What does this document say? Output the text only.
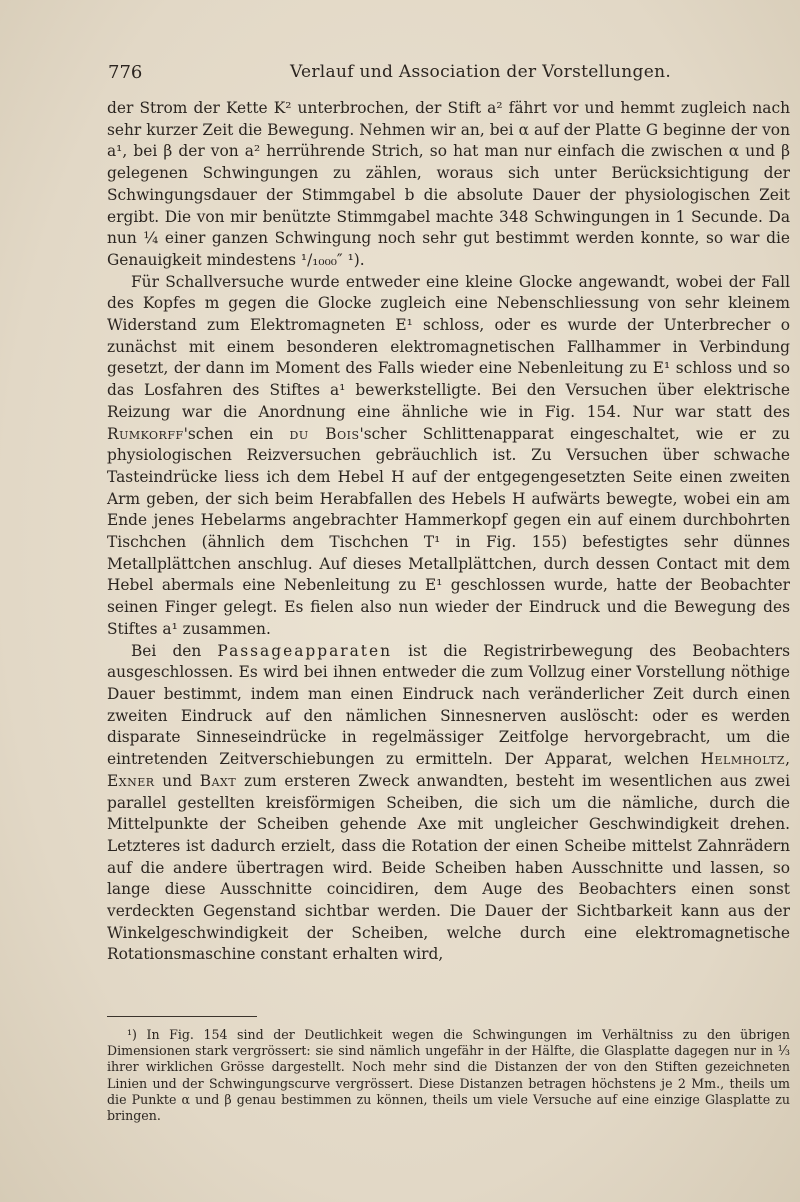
776	Verlauf und Association der Vorstellungen.

der Strom der Kette K² unterbrochen, der Stift a² fährt vor und hemmt zugleich nach sehr kurzer Zeit die Bewegung. Nehmen wir an, bei α auf der Platte G beginne der von a¹, bei β der von a² herrührende Strich, so hat man nur einfach die zwischen α und β gelegenen Schwingungen zu zählen, woraus sich unter Berücksichtigung der Schwingungsdauer der Stimmgabel b die absolute Dauer der physiologischen Zeit ergibt. Die von mir benützte Stimmgabel machte 348 Schwingungen in 1 Secunde. Da nun ¼ einer ganzen Schwingung noch sehr gut bestimmt werden konnte, so war die Genauigkeit mindestens ¹/₁₀₀₀″ ¹).

Für Schallversuche wurde entweder eine kleine Glocke angewandt, wobei der Fall des Kopfes m gegen die Glocke zugleich eine Nebenschliessung von sehr kleinem Widerstand zum Elektromagneten E¹ schloss, oder es wurde der Unterbrecher o zunächst mit einem besonderen elektromagnetischen Fallhammer in Verbindung gesetzt, der dann im Moment des Falls wieder eine Nebenleitung zu E¹ schloss und so das Losfahren des Stiftes a¹ bewerkstelligte. Bei den Versuchen über elektrische Reizung war die Anordnung eine ähnliche wie in Fig. 154. Nur war statt des Rumkorff'schen ein du Bois'scher Schlittenapparat eingeschaltet, wie er zu physiologischen Reizversuchen gebräuchlich ist. Zu Versuchen über schwache Tasteindrücke liess ich dem Hebel H auf der entgegengesetzten Seite einen zweiten Arm geben, der sich beim Herabfallen des Hebels H aufwärts bewegte, wobei ein am Ende jenes Hebelarms angebrachter Hammerkopf gegen ein auf einem durchbohrten Tischchen (ähnlich dem Tischchen T¹ in Fig. 155) befestigtes sehr dünnes Metallplättchen anschlug. Auf dieses Metallplättchen, durch dessen Contact mit dem Hebel abermals eine Nebenleitung zu E¹ geschlossen wurde, hatte der Beobachter seinen Finger gelegt. Es fielen also nun wieder der Eindruck und die Bewegung des Stiftes a¹ zusammen.

Bei den Passageapparaten ist die Registrirbewegung des Beobachters ausgeschlossen. Es wird bei ihnen entweder die zum Vollzug einer Vorstellung nöthige Dauer bestimmt, indem man einen Eindruck nach veränderlicher Zeit durch einen zweiten Eindruck auf den nämlichen Sinnesnerven auslöscht: oder es werden disparate Sinneseindrücke in regelmässiger Zeitfolge hervorgebracht, um die eintretenden Zeitverschiebungen zu ermitteln. Der Apparat, welchen Helmholtz, Exner und Baxt zum ersteren Zweck anwandten, besteht im wesentlichen aus zwei parallel gestellten kreisförmigen Scheiben, die sich um die nämliche, durch die Mittelpunkte der Scheiben gehende Axe mit ungleicher Geschwindigkeit drehen. Letzteres ist dadurch erzielt, dass die Rotation der einen Scheibe mittelst Zahnrädern auf die andere übertragen wird. Beide Scheiben haben Ausschnitte und lassen, so lange diese Ausschnitte coincidiren, dem Auge des Beobachters einen sonst verdeckten Gegenstand sichtbar werden. Die Dauer der Sichtbarkeit kann aus der Winkelgeschwindigkeit der Scheiben, welche durch eine elektromagnetische Rotationsmaschine constant erhalten wird,

¹) In Fig. 154 sind der Deutlichkeit wegen die Schwingungen im Verhältniss zu den übrigen Dimensionen stark vergrössert: sie sind nämlich ungefähr in der Hälfte, die Glasplatte dagegen nur in ⅓ ihrer wirklichen Grösse dargestellt. Noch mehr sind die Distanzen der von den Stiften gezeichneten Linien und der Schwingungscurve vergrössert. Diese Distanzen betragen höchstens je 2 Mm., theils um die Punkte α und β genau bestimmen zu können, theils um viele Versuche auf eine einzige Glasplatte zu bringen.
